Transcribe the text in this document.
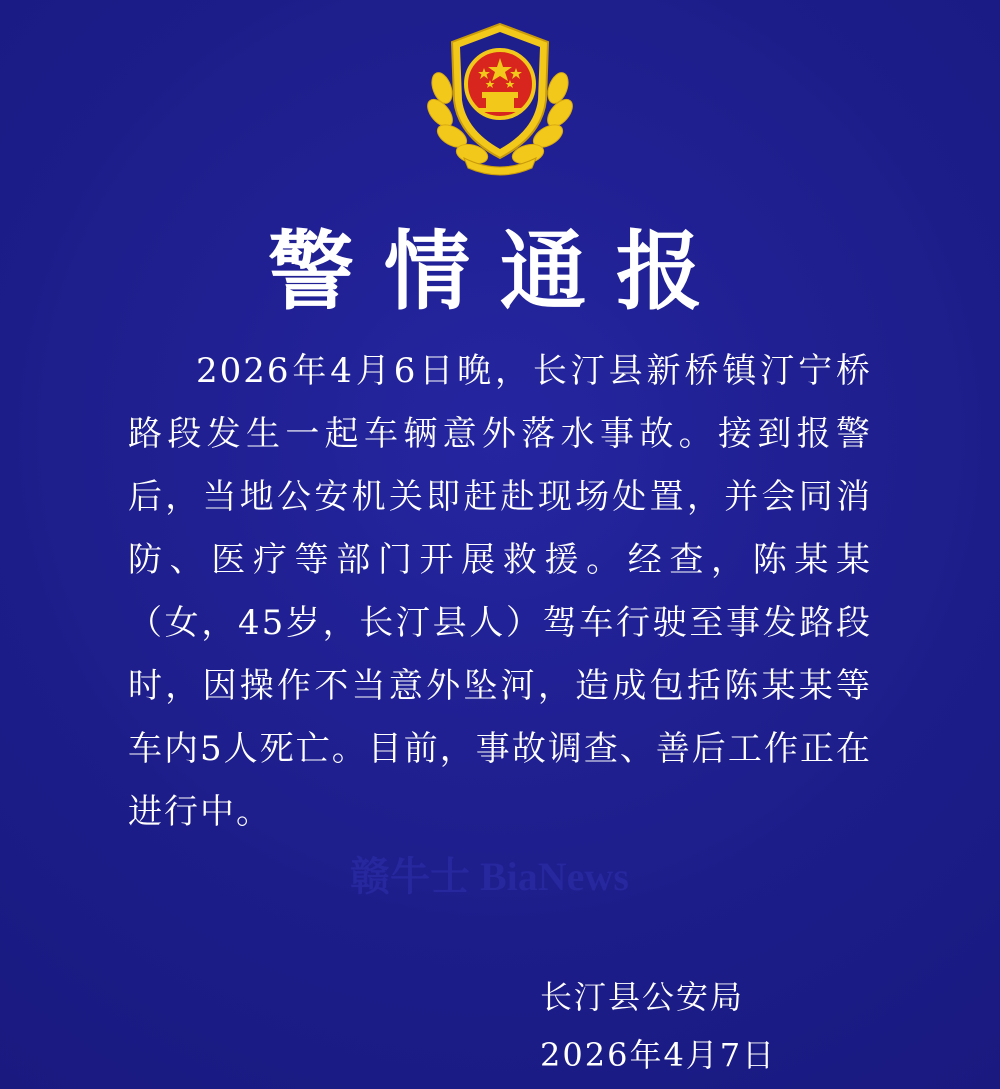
警情通报

2026年4月6日晚，长汀县新桥镇汀宁桥路段发生一起车辆意外落水事故。接到报警后，当地公安机关即赶赴现场处置，并会同消防、医疗等部门开展救援。经查，陈某某（女，45岁，长汀县人）驾车行驶至事发路段时，因操作不当意外坠河，造成包括陈某某等车内5人死亡。目前，事故调查、善后工作正在进行中。

赣牛士 BiaNews
长汀县公安局
2026年4月7日
